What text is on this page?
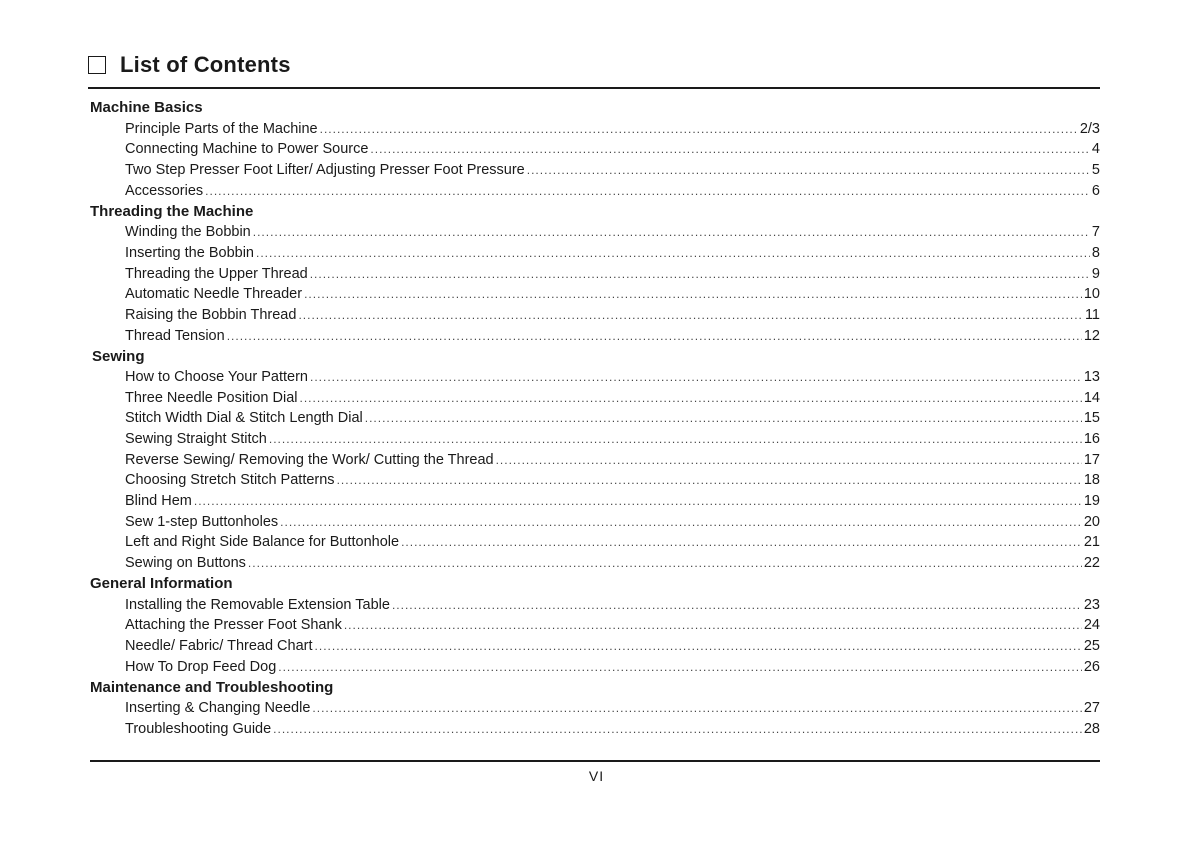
List of Contents
Machine Basics
Principle Parts of the Machine .....	2/3
Connecting Machine to Power Source .....	4
Two Step Presser Foot Lifter/ Adjusting Presser Foot Pressure .....	5
Accessories .....	6
Threading the Machine
Winding the Bobbin .....	7
Inserting the Bobbin .....	8
Threading the Upper Thread .....	9
Automatic Needle Threader .....	10
Raising the Bobbin Thread .....	11
Thread Tension .....	12
Sewing
How to Choose Your Pattern .....	13
Three Needle Position Dial .....	14
Stitch Width Dial & Stitch Length Dial .....	15
Sewing Straight Stitch .....	16
Reverse Sewing/ Removing the Work/ Cutting the Thread .....	17
Choosing Stretch Stitch Patterns .....	18
Blind Hem .....	19
Sew 1-step Buttonholes .....	20
Left and Right Side Balance for Buttonhole .....	21
Sewing on Buttons .....	22
General Information
Installing the Removable Extension Table .....	23
Attaching the Presser Foot Shank .....	24
Needle/ Fabric/ Thread Chart .....	25
How To Drop Feed Dog .....	26
Maintenance and Troubleshooting
Inserting & Changing Needle .....	27
Troubleshooting Guide .....	28
VI
